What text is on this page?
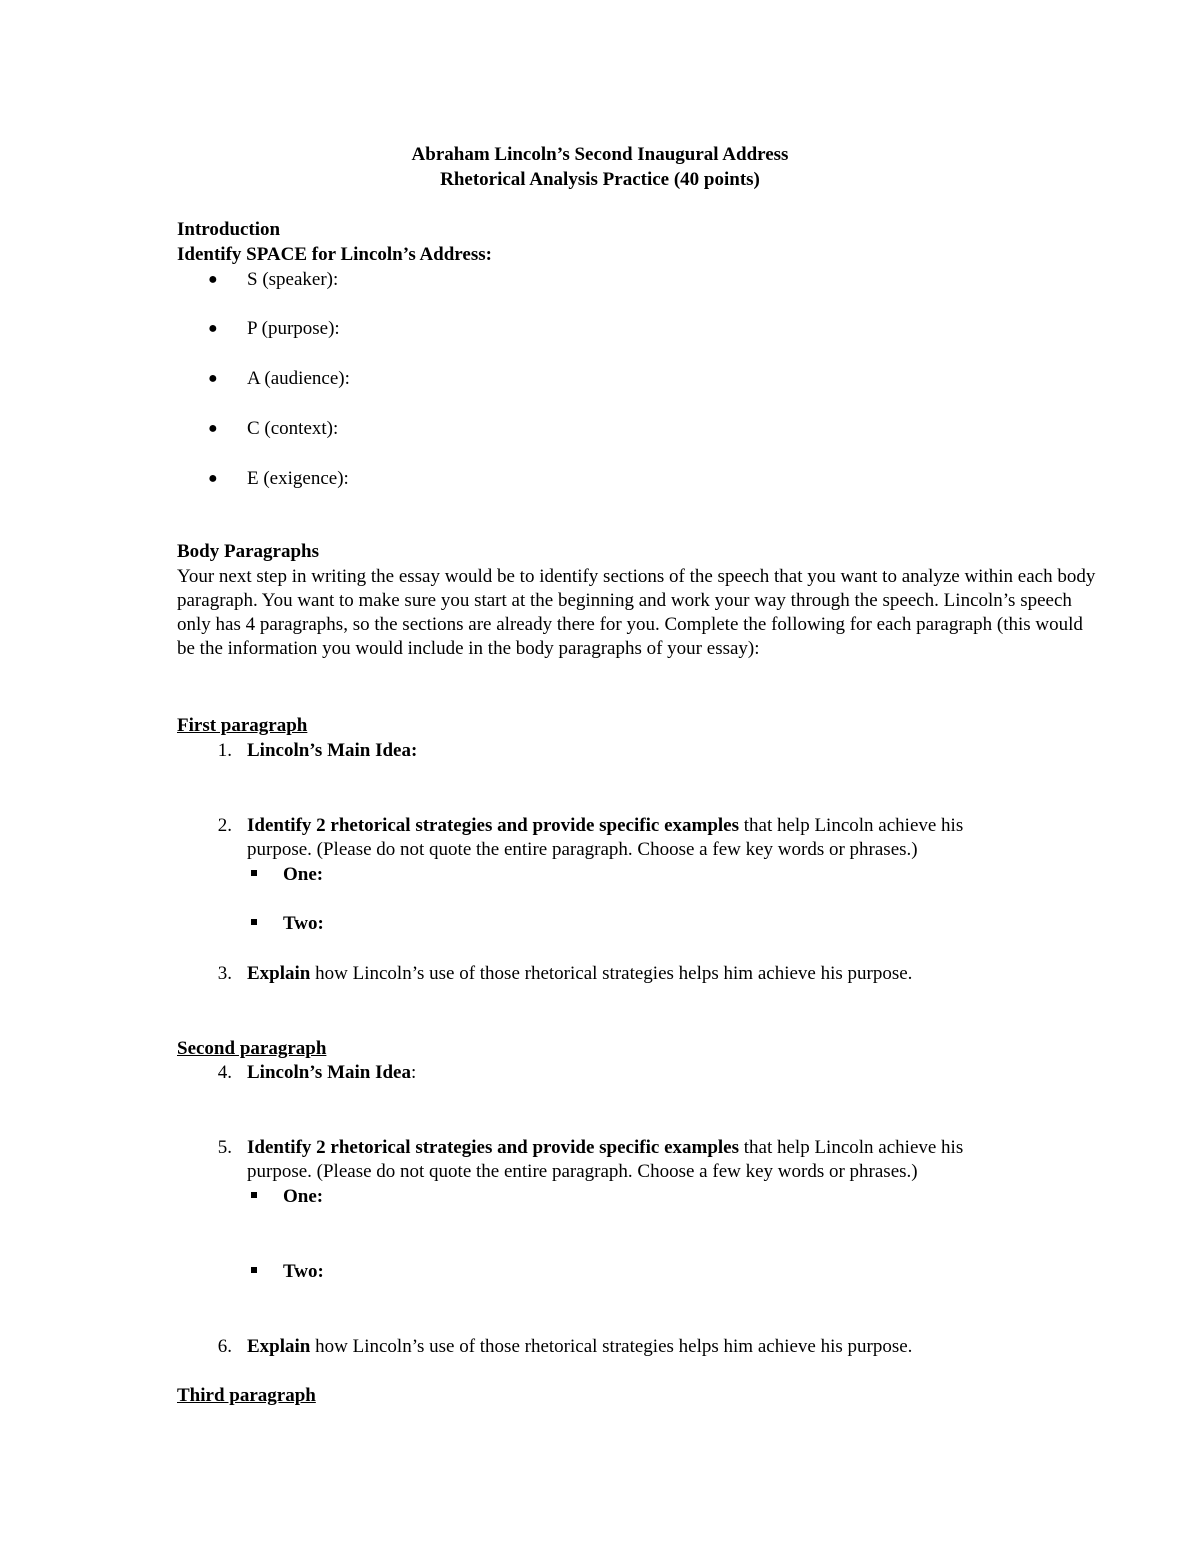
Abraham Lincoln’s Second Inaugural Address
Rhetorical Analysis Practice (40 points)
Introduction
Identify SPACE for Lincoln’s Address:
● S (speaker):
● P (purpose):
● A (audience):
● C (context):
● E (exigence):
Body Paragraphs
Your next step in writing the essay would be to identify sections of the speech that you want to analyze within each body paragraph. You want to make sure you start at the beginning and work your way through the speech. Lincoln’s speech only has 4 paragraphs, so the sections are already there for you. Complete the following for each paragraph (this would be the information you would include in the body paragraphs of your essay):
First paragraph
1. Lincoln’s Main Idea:
2. Identify 2 rhetorical strategies and provide specific examples that help Lincoln achieve his
purpose. (Please do not quote the entire paragraph. Choose a few key words or phrases.)
One:
Two:
3. Explain how Lincoln’s use of those rhetorical strategies helps him achieve his purpose.
Second paragraph
4. Lincoln’s Main Idea:
5. Identify 2 rhetorical strategies and provide specific examples that help Lincoln achieve his
purpose. (Please do not quote the entire paragraph. Choose a few key words or phrases.)
One:
Two:
6. Explain how Lincoln’s use of those rhetorical strategies helps him achieve his purpose.
Third paragraph
